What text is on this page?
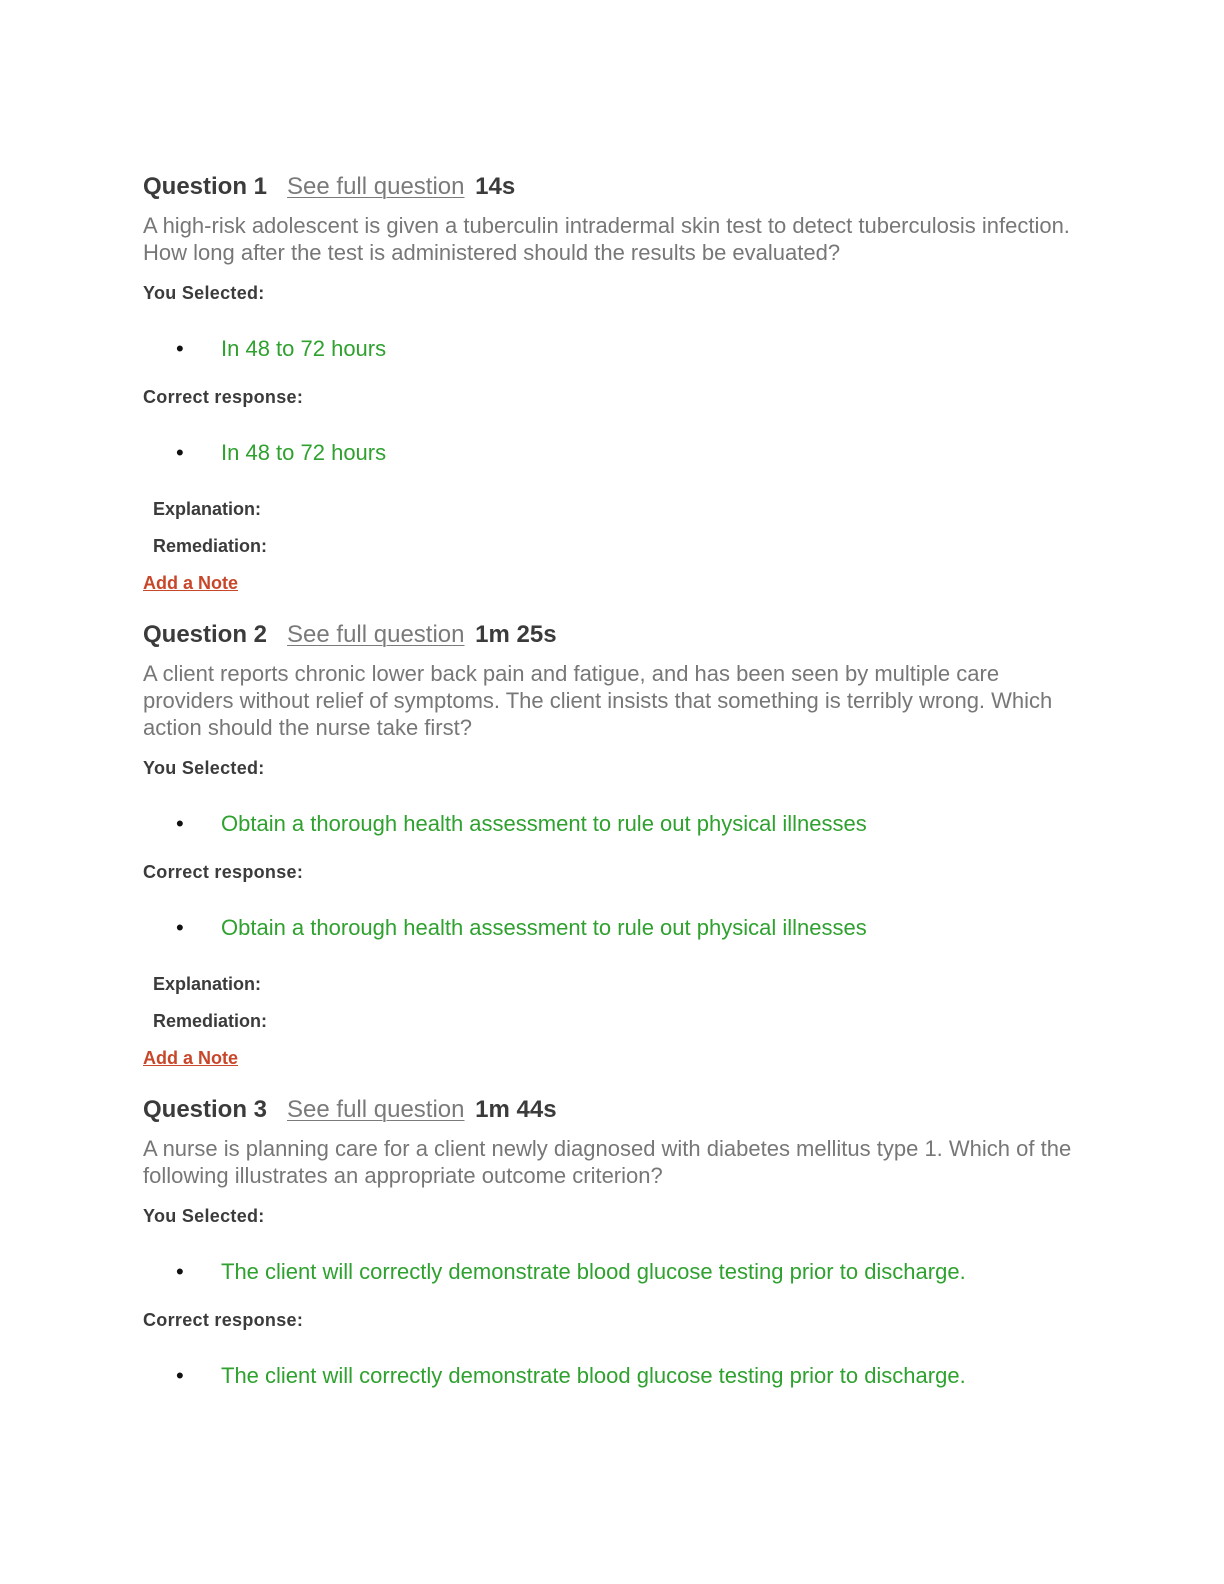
Question 1 See full question 14s
A high-risk adolescent is given a tuberculin intradermal skin test to detect tuberculosis infection. How long after the test is administered should the results be evaluated?
You Selected:
• In 48 to 72 hours
Correct response:
• In 48 to 72 hours
Explanation:
Remediation:
Add a Note
Question 2 See full question 1m 25s
A client reports chronic lower back pain and fatigue, and has been seen by multiple care providers without relief of symptoms. The client insists that something is terribly wrong. Which action should the nurse take first?
You Selected:
• Obtain a thorough health assessment to rule out physical illnesses
Correct response:
• Obtain a thorough health assessment to rule out physical illnesses
Explanation:
Remediation:
Add a Note
Question 3 See full question 1m 44s
A nurse is planning care for a client newly diagnosed with diabetes mellitus type 1. Which of the following illustrates an appropriate outcome criterion?
You Selected:
• The client will correctly demonstrate blood glucose testing prior to discharge.
Correct response:
• The client will correctly demonstrate blood glucose testing prior to discharge.
